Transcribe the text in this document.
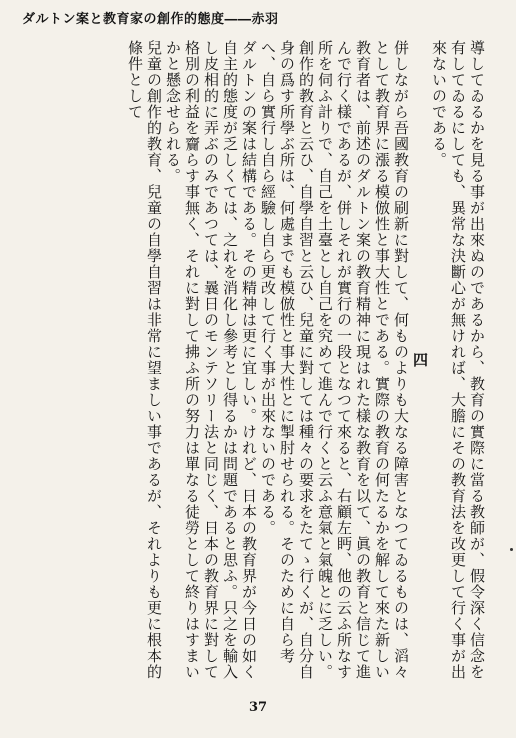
ダルトン案と教育家の創作的態度――赤羽

導してゐるかを見る事が出來ぬのであるから、教育の實際に當る教師が、假令深く信念を有してゐるにしても、異常な決斷心が無ければ、大膽にその教育法を改更して行く事が出來ないのである。

四

併しながら吾國教育の刷新に對して、何ものよりも大なる障害となつてゐるものは、滔々として教育界に漲る模倣性と事大性とである。實際の教育の何たるかを解して來た新しい教育者は、前述のダルトン案の教育精神に現はれた樣な教育を以て、眞の教育と信じて進んで行く樣であるが、併しそれが實行の一段となつて來ると、右顧左眄、他の云ふ所なす所を伺ふ計りで、自己を土臺とし自己を究めて進んで行くと云ふ意氣と氣魄とに乏しい。創作的教育と云ひ、自學自習と云ひ、兒童に對しては種々の要求をたてゝ行くが、自分自身の爲す所學ぶ所は、何處までも模倣性と事大性とに掣肘せられる。そのために自ら考へ、自ら實行し自ら經驗し自ら更改して行く事が出來ないのである。

ダルトンの案は結構である。その精神は更に宜しい。けれど、日本の教育界が今日の如く自主的態度が乏しくては、之れを消化し參考とし得るかは問題であると思ふ。只之を輸入し皮相的に弄ぶのみであつては、曩日のモンテソリー法と同じく、日本の教育界に對して格別の利益を齎らす事無く、それに對して拂ふ所の努力は單なる徒勞として終りはすまいかと懸念せられる。

兒童の創作的教育、兒童の自學自習は非常に望ましい事であるが、それよりも更に根本的條件として

37
